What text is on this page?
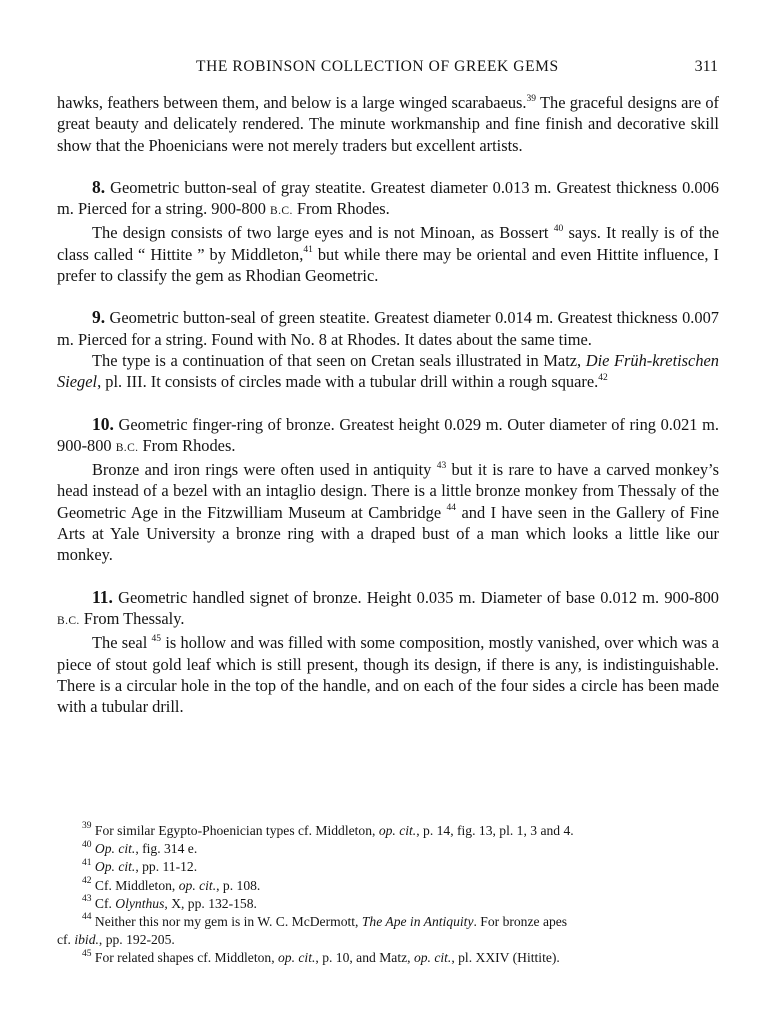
THE ROBINSON COLLECTION OF GREEK GEMS	311

hawks, feathers between them, and below is a large winged scarabaeus.$^{39}$ The graceful designs are of great beauty and delicately rendered. The minute workmanship and fine finish and decorative skill show that the Phoenicians were not merely traders but excellent artists.

8. Geometric button-seal of gray steatite. Greatest diameter 0.013 m. Greatest thickness 0.006 m. Pierced for a string. 900-800 B.C. From Rhodes.

The design consists of two large eyes and is not Minoan, as Bossert $^{40}$ says. It really is of the class called “ Hittite ” by Middleton,$^{41}$ but while there may be oriental and even Hittite influence, I prefer to classify the gem as Rhodian Geometric.

9. Geometric button-seal of green steatite. Greatest diameter 0.014 m. Greatest thickness 0.007 m. Pierced for a string. Found with No. 8 at Rhodes. It dates about the same time.

The type is a continuation of that seen on Cretan seals illustrated in Matz, Die Früh-kretischen Siegel, pl. III. It consists of circles made with a tubular drill within a rough square.$^{42}$

10. Geometric finger-ring of bronze. Greatest height 0.029 m. Outer diameter of ring 0.021 m. 900-800 B.C. From Rhodes.

Bronze and iron rings were often used in antiquity $^{43}$ but it is rare to have a carved monkey’s head instead of a bezel with an intaglio design. There is a little bronze monkey from Thessaly of the Geometric Age in the Fitzwilliam Museum at Cambridge $^{44}$ and I have seen in the Gallery of Fine Arts at Yale University a bronze ring with a draped bust of a man which looks a little like our monkey.

11. Geometric handled signet of bronze. Height 0.035 m. Diameter of base 0.012 m. 900-800 B.C. From Thessaly.

The seal $^{45}$ is hollow and was filled with some composition, mostly vanished, over which was a piece of stout gold leaf which is still present, though its design, if there is any, is indistinguishable. There is a circular hole in the top of the handle, and on each of the four sides a circle has been made with a tubular drill.

$^{39}$ For similar Egypto-Phoenician types cf. Middleton, op. cit., p. 14, fig. 13, pl. 1, 3 and 4.

$^{40}$ Op. cit., fig. 314 e.

$^{41}$ Op. cit., pp. 11-12.

$^{42}$ Cf. Middleton, op. cit., p. 108.

$^{43}$ Cf. Olynthus, X, pp. 132-158.

$^{44}$ Neither this nor my gem is in W. C. McDermott, The Ape in Antiquity. For bronze apes

cf. ibid., pp. 192-205.

$^{45}$ For related shapes cf. Middleton, op. cit., p. 10, and Matz, op. cit., pl. XXIV (Hittite).
